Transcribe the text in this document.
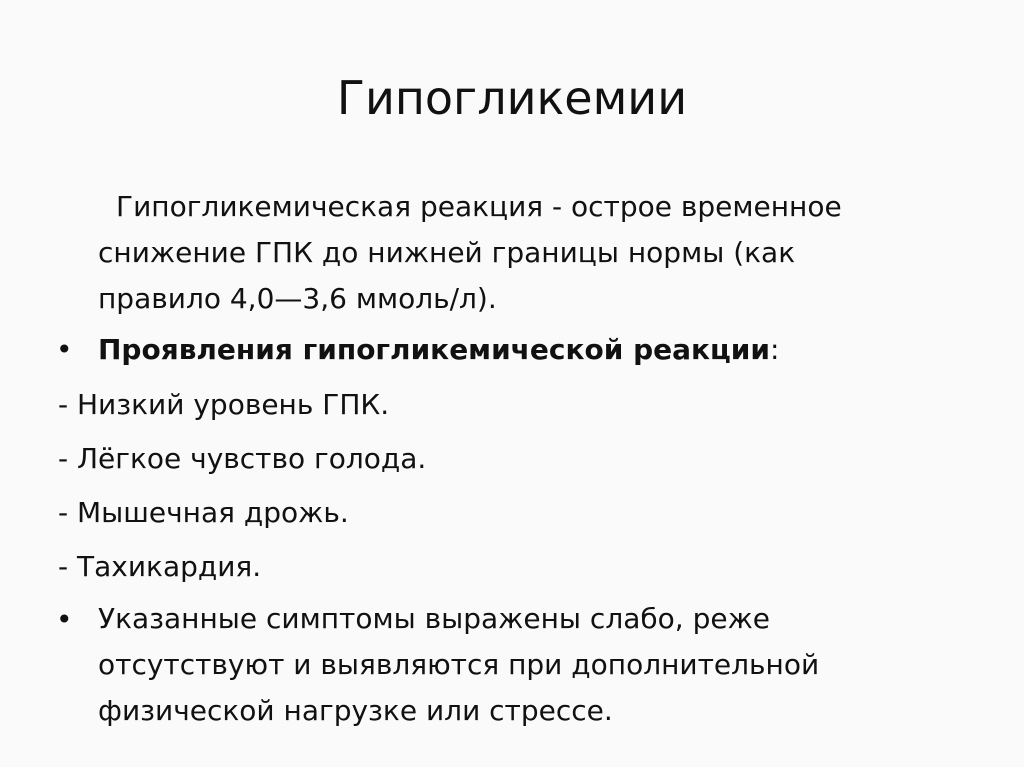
Гипогликемии
Гипогликемическая реакция - острое временное снижение ГПК до нижней границы нормы (как правило 4,0—3,6 ммоль/л).
• Проявления гипогликемической реакции:
- Низкий уровень ГПК.
- Лёгкое чувство голода.
- Мышечная дрожь.
- Тахикардия.
• Указанные симптомы выражены слабо, реже отсутствуют и выявляются при дополнительной физической нагрузке или стрессе.
